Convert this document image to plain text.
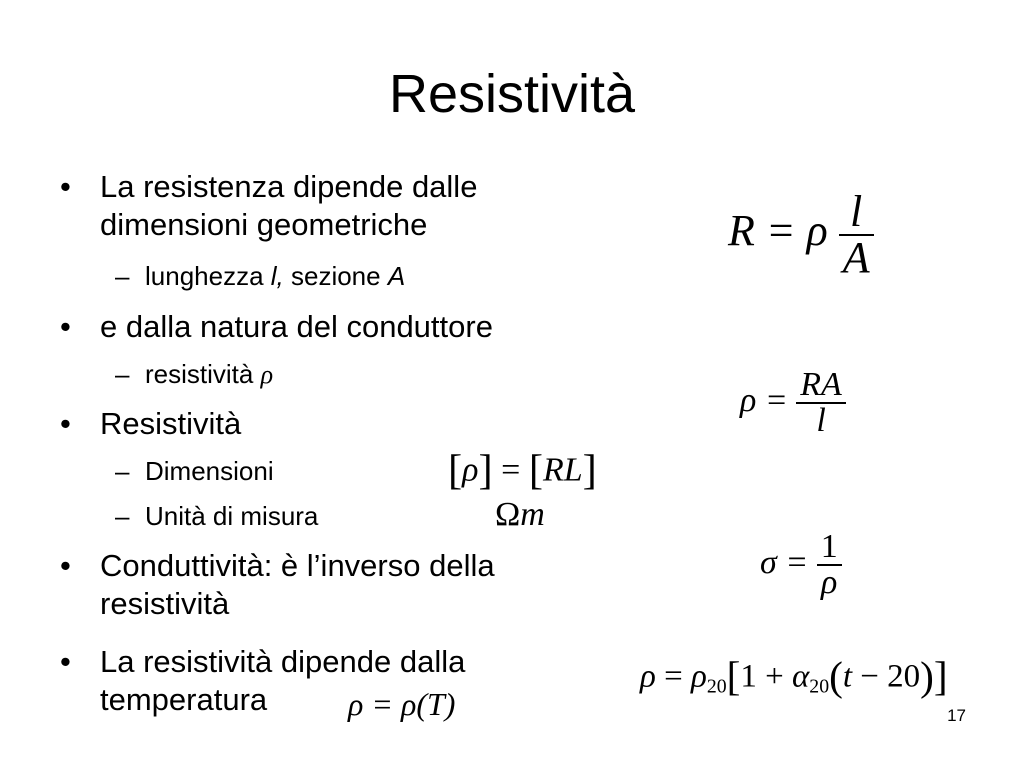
Resistività
• La resistenza dipende dalle
dimensioni geometriche
– lunghezza l, sezione A
• e dalla natura del conduttore
– resistività ρ
• Resistività
– Dimensioni
– Unità di misura
• Conduttività: è l’inverso della
resistività
• La resistività dipende dalla
temperatura
R = ρ $\frac{l}{A}$
$\rho = \frac{RA}{l}$
[ρ] = [RL]
Ωm
$\sigma = \frac{1}{\rho}$
ρ = ρ(T)
$\rho = \rho_{20}[1 + \alpha_{20}(t - 20)]$
17
